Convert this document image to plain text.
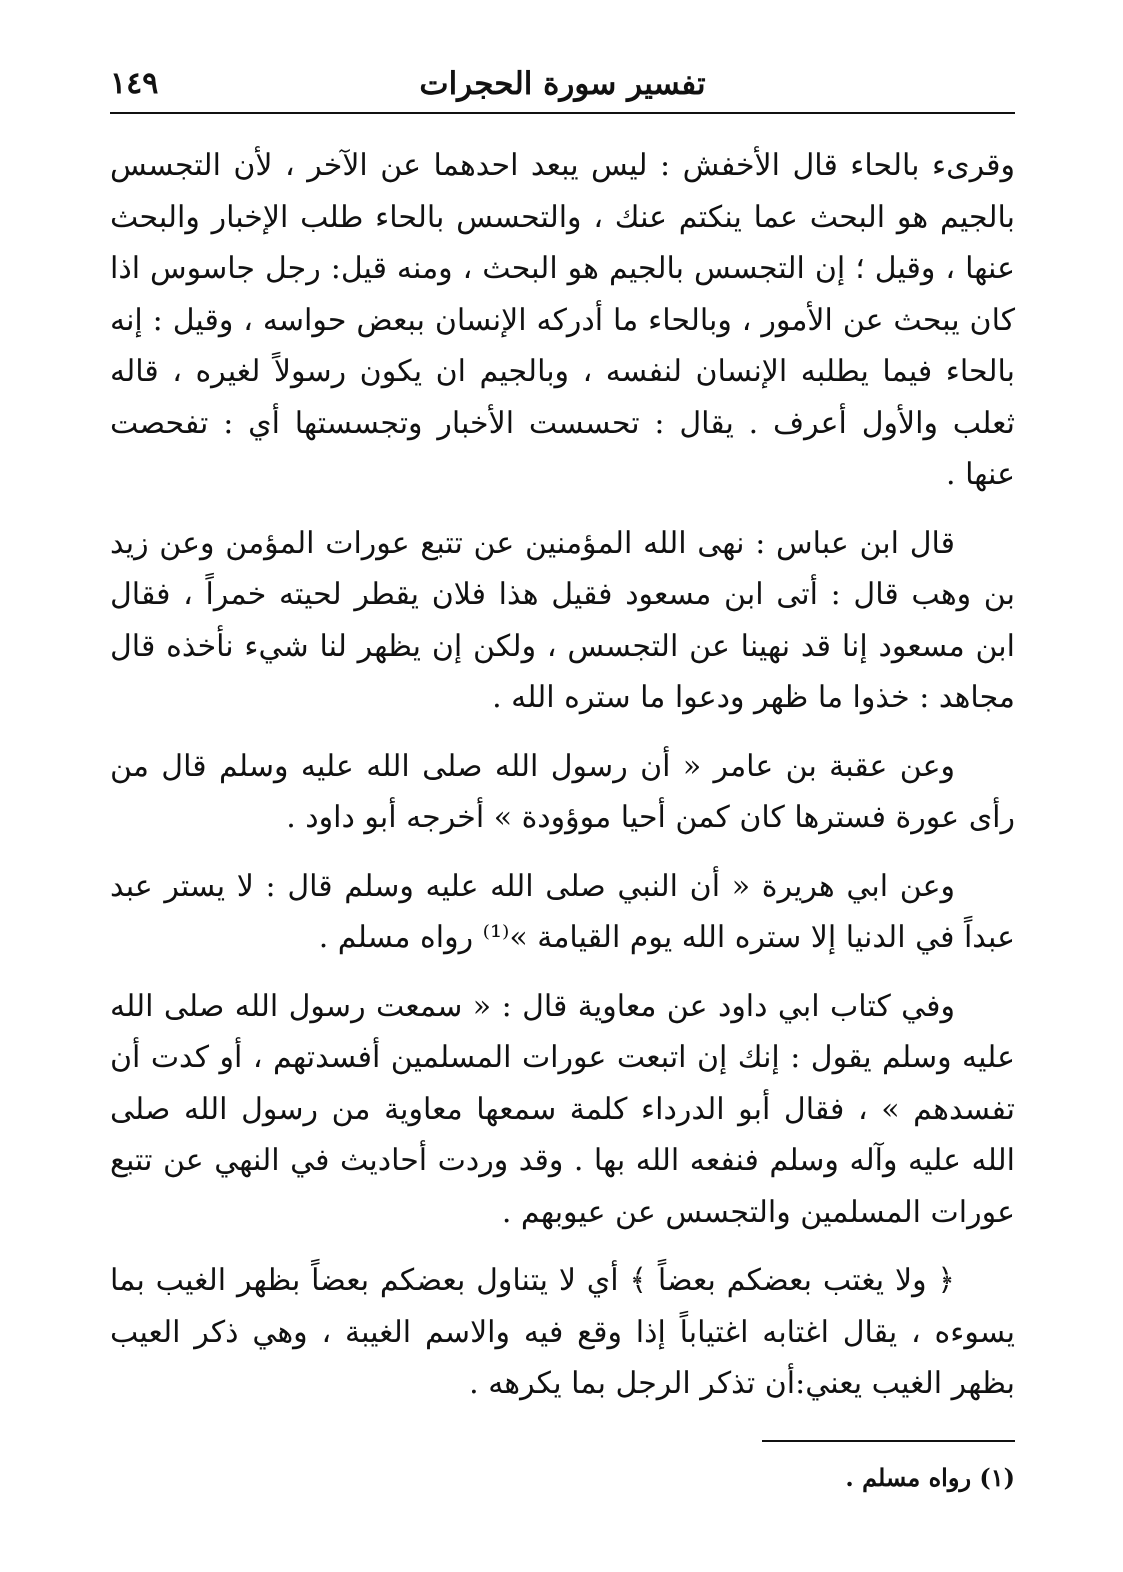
١٤٩	تفسير سورة الحجرات

وقرىء بالحاء قال الأخفش : ليس يبعد احدهما عن الآخر ، لأن التجسس بالجيم هو البحث عما ينكتم عنك ، والتحسس بالحاء طلب الإخبار والبحث عنها ، وقيل ؛ إن التجسس بالجيم هو البحث ، ومنه قيل: رجل جاسوس اذا كان يبحث عن الأمور ، وبالحاء ما أدركه الإنسان ببعض حواسه ، وقيل : إنه بالحاء فيما يطلبه الإنسان لنفسه ، وبالجيم ان يكون رسولاً لغيره ، قاله ثعلب والأول أعرف . يقال : تحسست الأخبار وتجسستها أي : تفحصت عنها .

قال ابن عباس : نهى الله المؤمنين عن تتبع عورات المؤمن وعن زيد بن وهب قال : أتى ابن مسعود فقيل هذا فلان يقطر لحيته خمراً ، فقال ابن مسعود إنا قد نهينا عن التجسس ، ولكن إن يظهر لنا شيء نأخذه قال مجاهد : خذوا ما ظهر ودعوا ما ستره الله .

وعن عقبة بن عامر « أن رسول الله صلى الله عليه وسلم قال من رأى عورة فسترها كان كمن أحيا موؤودة » أخرجه أبو داود .

وعن ابي هريرة « أن النبي صلى الله عليه وسلم قال : لا يستر عبد عبداً في الدنيا إلا ستره الله يوم القيامة »⁽¹⁾ رواه مسلم .

وفي كتاب ابي داود عن معاوية قال : « سمعت رسول الله صلى الله عليه وسلم يقول : إنك إن اتبعت عورات المسلمين أفسدتهم ، أو كدت أن تفسدهم » ، فقال أبو الدرداء كلمة سمعها معاوية من رسول الله صلى الله عليه وآله وسلم فنفعه الله بها . وقد وردت أحاديث في النهي عن تتبع عورات المسلمين والتجسس عن عيوبهم .

﴿ ولا يغتب بعضكم بعضاً ﴾ أي لا يتناول بعضكم بعضاً بظهر الغيب بما يسوءه ، يقال اغتابه اغتياباً إذا وقع فيه والاسم الغيبة ، وهي ذكر العيب بظهر الغيب يعني:أن تذكر الرجل بما يكرهه .

(١) رواه مسلم .
